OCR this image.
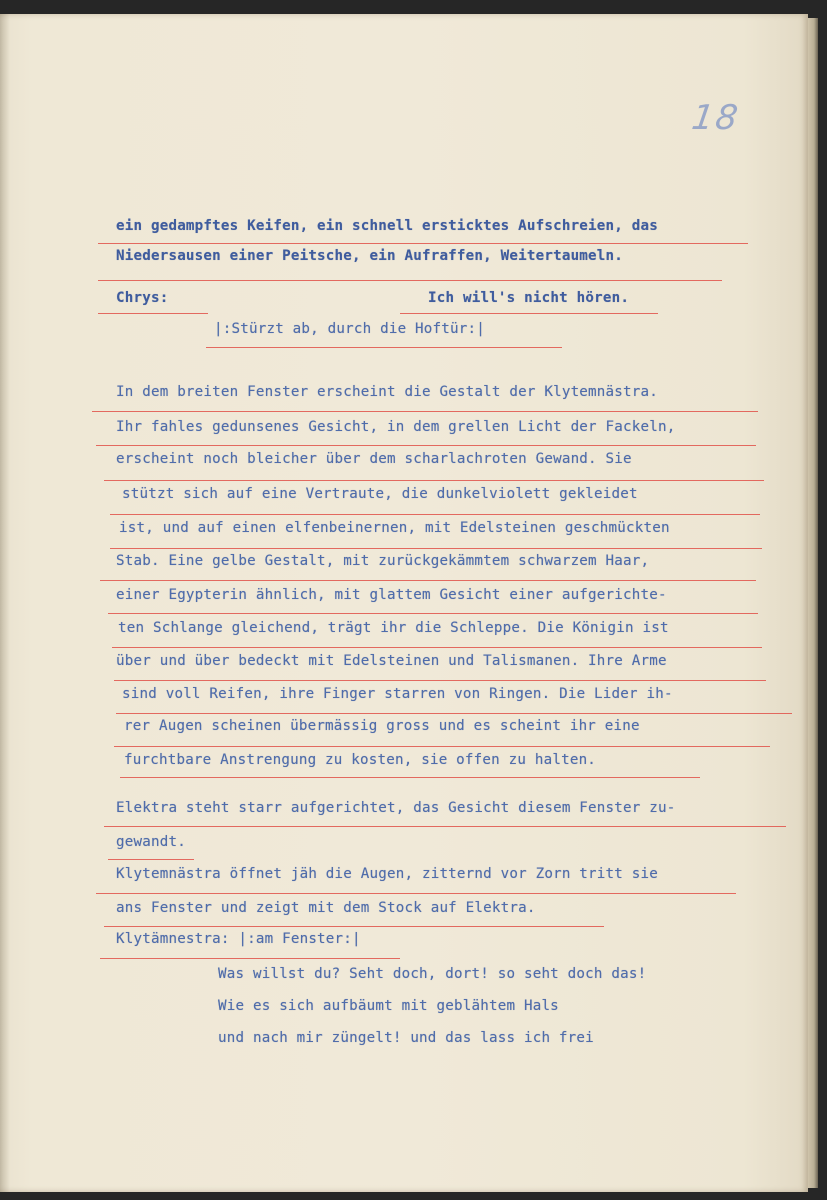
18
ein gedampftes Keifen, ein schnell ersticktes Aufschreien, das
Niedersausen einer Peitsche, ein Aufraffen, Weitertaumeln.
Chrys:	Ich will's nicht hören.
|:Stürzt ab, durch die Hoftür:|
In dem breiten Fenster erscheint die Gestalt der Klytemnästra.
Ihr fahles gedunsenes Gesicht, in dem grellen Licht der Fackeln,
erscheint noch bleicher über dem scharlachroten Gewand. Sie
stützt sich auf eine Vertraute, die dunkelviolett gekleidet
ist, und auf einen elfenbeinernen, mit Edelsteinen geschmückten
Stab. Eine gelbe Gestalt, mit zurückgekämmtem schwarzem Haar,
einer Egypterin ähnlich, mit glattem Gesicht einer aufgerichte-
ten Schlange gleichend, trägt ihr die Schleppe. Die Königin ist
über und über bedeckt mit Edelsteinen und Talismanen. Ihre Arme
sind voll Reifen, ihre Finger starren von Ringen. Die Lider ih-
rer Augen scheinen übermässig gross und es scheint ihr eine
furchtbare Anstrengung zu kosten, sie offen zu halten.
Elektra steht starr aufgerichtet, das Gesicht diesem Fenster zu-
gewandt.
Klytemnästra öffnet jäh die Augen, zitternd vor Zorn tritt sie
ans Fenster und zeigt mit dem Stock auf Elektra.
Klytämnestra: |:am Fenster:|
Was willst du? Seht doch, dort! so seht doch das!
Wie es sich aufbäumt mit geblähtem Hals
und nach mir züngelt! und das lass ich frei
